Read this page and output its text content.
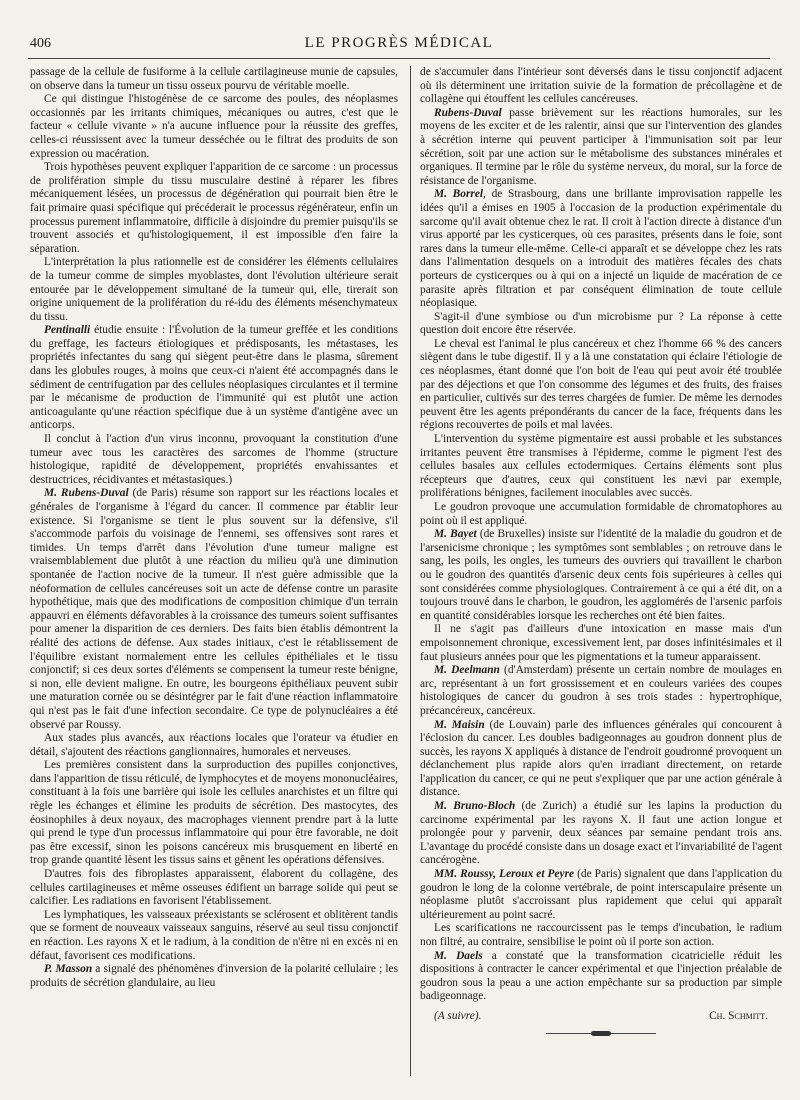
406	LE PROGRÈS MÉDICAL

passage de la cellule de fusiforme à la cellule cartilagineuse munie de capsules, on observe dans la tumeur un tissu osseux pourvu de véritable moelle.

Ce qui distingue l'histogénèse de ce sarcome des poules, des néoplasmes occasionnés par les irritants chimiques, mécaniques ou autres, c'est que le facteur « cellule vivante » n'a aucune influence pour la réussite des greffes, celles-ci réussissent avec la tumeur desséchée ou le filtrat des produits de son expression ou macération.

Trois hypothèses peuvent expliquer l'apparition de ce sarcome : un processus de prolifération simple du tissu musculaire destiné à réparer les fibres mécaniquement lésées, un processus de dégénération qui pourrait bien être le fait primaire quasi spécifique qui précéderait le processus régénérateur, enfin un processus purement inflammatoire, difficile à disjoindre du premier puisqu'ils se trouvent associés et qu'histologiquement, il est impossible d'en faire la séparation.

L'interprétation la plus rationnelle est de considérer les éléments cellulaires de la tumeur comme de simples myoblastes, dont l'évolution ultérieure serait entourée par le développement simultané de la tumeur qui, elle, tirerait son origine uniquement de la prolifération du ré-idu des éléments mésenchymateux du tissu.

Pentinalli étudie ensuite : l'Évolution de la tumeur greffée et les conditions du greffage, les facteurs étiologiques et prédisposants, les métastases, les propriétés infectantes du sang qui siègent peut-être dans le plasma, sûrement dans les globules rouges, à moins que ceux-ci n'aient été accompagnés dans le sédiment de centrifugation par des cellules néoplasiques circulantes et il termine par le mécanisme de production de l'immunité qui est plutôt une action anticoagulante qu'une réaction spécifique due à un système d'antigène avec un anticorps.

Il conclut à l'action d'un virus inconnu, provoquant la constitution d'une tumeur avec tous les caractères des sarcomes de l'homme (structure histologique, rapidité de développement, propriétés envahissantes et destructrices, récidivantes et métastasiques.)

M. Rubens-Duval (de Paris) résume son rapport sur les réactions locales et générales de l'organisme à l'égard du cancer. Il commence par établir leur existence. Si l'organisme se tient le plus souvent sur la défensive, s'il s'accommode parfois du voisinage de l'ennemi, ses offensives sont rares et timides. Un temps d'arrêt dans l'évolution d'une tumeur maligne est vraisemblablement due plutôt à une réaction du milieu qu'à une diminution spontanée de l'action nocive de la tumeur. Il n'est guère admissible que la néoformation de cellules cancéreuses soit un acte de défense contre un parasite hypothétique, mais que des modifications de composition chimique d'un terrain appauvri en éléments défavorables à la croissance des tumeurs soient suffisantes pour amener la disparition de ces derniers. Des faits bien établis démontrent la réalité des actions de défense. Aux stades initiaux, c'est le rétablissement de l'équilibre existant normalement entre les cellules épithéliales et le tissu conjonctif; si ces deux sortes d'éléments se compensent la tumeur reste bénigne, si non, elle devient maligne. En outre, les bourgeons épithéliaux peuvent subir une maturation cornée ou se désintégrer par le fait d'une réaction inflammatoire qui n'est pas le fait d'une infection secondaire. Ce type de polynucléaires a été observé par Roussy.

Aux stades plus avancés, aux réactions locales que l'orateur va étudier en détail, s'ajoutent des réactions ganglionnaires, humorales et nerveuses.

Les premières consistent dans la surproduction des pupilles conjonctives, dans l'apparition de tissu réticulé, de lymphocytes et de moyens mononucléaires, constituant à la fois une barrière qui isole les cellules anarchistes et un filtre qui règle les échanges et élimine les produits de sécrétion. Des mastocytes, des éosinophiles à deux noyaux, des macrophages viennent prendre part à la lutte qui prend le type d'un processus inflammatoire qui pour être favorable, ne doit pas être excessif, sinon les poisons cancéreux mis brusquement en liberté en trop grande quantité lèsent les tissus sains et gênent les opérations défensives.

D'autres fois des fibroplastes apparaissent, élaborent du collagène, des cellules cartilagineuses et même osseuses édifient un barrage solide qui peut se calcifier. Les radiations en favorisent l'établissement.

Les lymphatiques, les vaisseaux préexistants se sclérosent et oblitèrent tandis que se forment de nouveaux vaisseaux sanguins, réservé au seul tissu conjonctif en réaction. Les rayons X et le radium, à la condition de n'être ni en excès ni en défaut, favorisent ces modifications.

P. Masson a signalé des phénomènes d'inversion de la polarité cellulaire ; les produits de sécrétion glandulaire, au lieu

de s'accumuler dans l'intérieur sont déversés dans le tissu conjonctif adjacent où ils déterminent une irritation suivie de la formation de précollagène et de collagène qui étouffent les cellules cancéreuses.

Rubens-Duval passe brièvement sur les réactions humorales, sur les moyens de les exciter et de les ralentir, ainsi que sur l'intervention des glandes à sécrétion interne qui peuvent participer à l'immunisation soit par leur sécrétion, soit par une action sur le métabolisme des substances minérales et organiques. Il termine par le rôle du système nerveux, du moral, sur la force de résistance de l'organisme.

M. Borrel, de Strasbourg, dans une brillante improvisation rappelle les idées qu'il a émises en 1905 à l'occasion de la production expérimentale du sarcome qu'il avait obtenue chez le rat. Il croit à l'action directe à distance d'un virus apporté par les cysticerques, où ces parasites, présents dans le foie, sont rares dans la tumeur elle-même. Celle-ci apparaît et se développe chez les rats dans l'alimentation desquels on a introduit des matières fécales des chats porteurs de cysticerques ou à qui on a injecté un liquide de macération de ce parasite après filtration et par conséquent élimination de toute cellule néoplasique.

S'agit-il d'une symbiose ou d'un microbisme pur ? La réponse à cette question doit encore être réservée.

Le cheval est l'animal le plus cancéreux et chez l'homme 66 % des cancers siègent dans le tube digestif. Il y a là une constatation qui éclaire l'étiologie de ces néoplasmes, étant donné que l'on boit de l'eau qui peut avoir été troublée par des déjections et que l'on consomme des légumes et des fruits, des fraises en particulier, cultivés sur des terres chargées de fumier. De même les dernodes peuvent être les agents prépondérants du cancer de la face, fréquents dans les régions recouvertes de poils et mal lavées.

L'intervention du système pigmentaire est aussi probable et les substances irritantes peuvent être transmises à l'épiderme, comme le pigment l'est des cellules basales aux cellules ectodermiques. Certains éléments sont plus récepteurs que d'autres, ceux qui constituent les nævi par exemple, proliférations bénignes, facilement inoculables avec succès.

Le goudron provoque une accumulation formidable de chromatophores au point où il est appliqué.

M. Bayet (de Bruxelles) insiste sur l'identité de la maladie du goudron et de l'arsenicisme chronique ; les symptômes sont semblables ; on retrouve dans le sang, les poils, les ongles, les tumeurs des ouvriers qui travaillent le charbon ou le goudron des quantités d'arsenic deux cents fois supérieures à celles qui sont considérées comme physiologiques. Contrairement à ce qui a été dit, on a toujours trouvé dans le charbon, le goudron, les agglomérés de l'arsenic parfois en quantité considérables lorsque les recherches ont été bien faites.

Il ne s'agit pas d'ailleurs d'une intoxication en masse mais d'un empoisonnement chronique, excessivement lent, par doses infinitésimales et il faut plusieurs années pour que les pigmentations et la tumeur apparaissent.

M. Deelmann (d'Amsterdam) présente un certain nombre de moulages en arc, représentant à un fort grossissement et en couleurs variées des coupes histologiques de cancer du goudron à ses trois stades : hypertrophique, précancéreux, cancéreux.

M. Maisin (de Louvain) parle des influences générales qui concourent à l'éclosion du cancer. Les doubles badigeonnages au goudron donnent plus de succès, les rayons X appliqués à distance de l'endroit goudronné provoquent un déclanchement plus rapide alors qu'en irradiant directement, on retarde l'application du cancer, ce qui ne peut s'expliquer que par une action générale à distance.

M. Bruno-Bloch (de Zurich) a étudié sur les lapins la production du carcinome expérimental par les rayons X. Il faut une action longue et prolongée pour y parvenir, deux séances par semaine pendant trois ans. L'avantage du procédé consiste dans un dosage exact et l'invariabilité de l'agent cancérogène.

MM. Roussy, Leroux et Peyre (de Paris) signalent que dans l'application du goudron le long de la colonne vertébrale, de point interscapulaire présente un néoplasme plutôt s'accroissant plus rapidement que celui qui apparaît ultérieurement au point sacré.

Les scarifications ne raccourcissent pas le temps d'incubation, le radium non filtré, au contraire, sensibilise le point où il porte son action.

M. Daels a constaté que la transformation cicatricielle réduit les dispositions à contracter le cancer expérimental et que l'injection préalable de goudron sous la peau a une action empêchante sur sa production par simple badigeonnage.

(A suivre).	Ch. Schmitt.
